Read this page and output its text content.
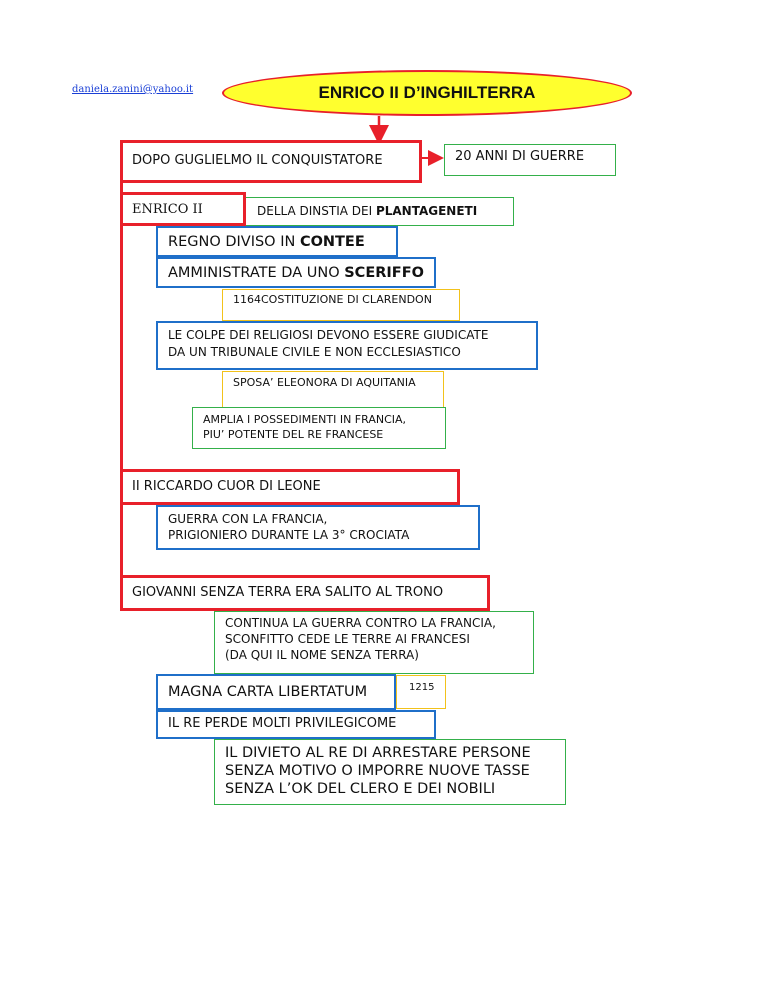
daniela.zanini@yahoo.it	ENRICO II D’INGHILTERRA
DOPO GUGLIELMO IL CONQUISTATORE	20 ANNI DI GUERRE
DELLA DINSTIA DEI PLANTAGENETI
ENRICO II
REGNO DIVISO IN CONTEE
AMMINISTRATE DA UNO SCERIFFO
1164COSTITUZIONE DI CLARENDON
LE COLPE DEI RELIGIOSI DEVONO ESSERE GIUDICATE
DA UN TRIBUNALE CIVILE E NON ECCLESIASTICO
SPOSA’ ELEONORA DI AQUITANIA
AMPLIA I POSSEDIMENTI IN FRANCIA,
PIU’ POTENTE DEL RE FRANCESE
II RICCARDO CUOR DI LEONE
GUERRA CON LA FRANCIA,
PRIGIONIERO DURANTE LA 3° CROCIATA
GIOVANNI SENZA TERRA ERA SALITO AL TRONO
CONTINUA LA GUERRA CONTRO LA FRANCIA,
SCONFITTO CEDE LE TERRE AI FRANCESI
(DA QUI IL NOME SENZA TERRA)
1215
MAGNA CARTA LIBERTATUM
IL RE PERDE MOLTI PRIVILEGICOME
IL DIVIETO AL RE DI ARRESTARE PERSONE
SENZA MOTIVO O IMPORRE NUOVE TASSE
SENZA L’OK DEL CLERO E DEI NOBILI
